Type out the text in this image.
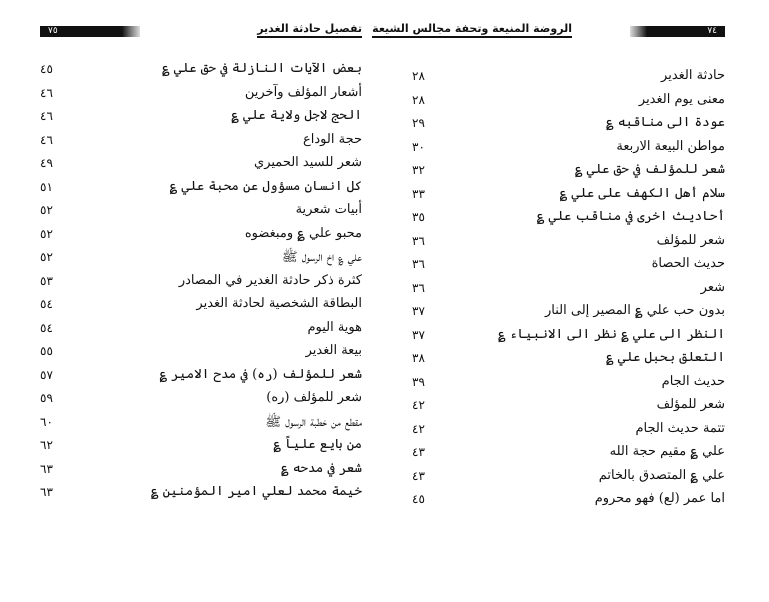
٧٥	تفصيل حادثة الغدير
بعض الآيات النازلة في حق علي ؏
٤٥
أشعار المؤلف وآخرين
٤٦
الحج لاجل ولاية علي ؏
٤٦
حجة الوداع
٤٦
شعر للسيد الحميري
٤٩
كل انسان مسؤول عن محبة علي ؏
٥١
أبيات شعرية
٥٢
محبو علي ؏ ومبغضوه
٥٢
علي ؏ اخ الرسول ﷺ
٥٢
كثرة ذكر حادثة الغدير في المصادر
٥٣
البطاقة الشخصية لحادثة الغدير
٥٤
هوية اليوم
٥٤
بيعة الغدير
٥٥
شعر للمؤلف (ره) في مدح الامير ؏
٥٧
شعر للمؤلف (ره)
٥٩
مقطع من خطبة الرسول ﷺ
٦٠
من بايع علياً ؏
٦٢
شعر في مدحه ؏
٦٣
خيمة محمد لعلي امير المؤمنين ؏
٦٣
٧٤
الروضة المنيعة وتحفة مجالس الشيعة
حادثة الغدير
٢٨
معنى يوم الغدير
٢٨
عودة الى مناقبه ؏
٢٩
مواطن البيعة الاربعة
٣٠
شعر للمؤلف في حق علي ؏
٣٢
سلام أهل الكهف على علي ؏
٣٣
أحاديث اخرى في مناقب علي ؏
٣٥
شعر للمؤلف
٣٦
حديث الحصاة
٣٦
شعر
٣٦
بدون حب علي ؏ المصير إلى النار
٣٧
النظر الى علي ؏ نظر الى الانبياء ؏
٣٧
التعلق بحبل علي ؏
٣٨
حديث الجام
٣٩
شعر للمؤلف
٤٢
تتمة حديث الجام
٤٢
علي ؏ مقيم حجة الله
٤٣
علي ؏ المتصدق بالخاتم
٤٣
اما عمر (لع) فهو محروم
٤٥
